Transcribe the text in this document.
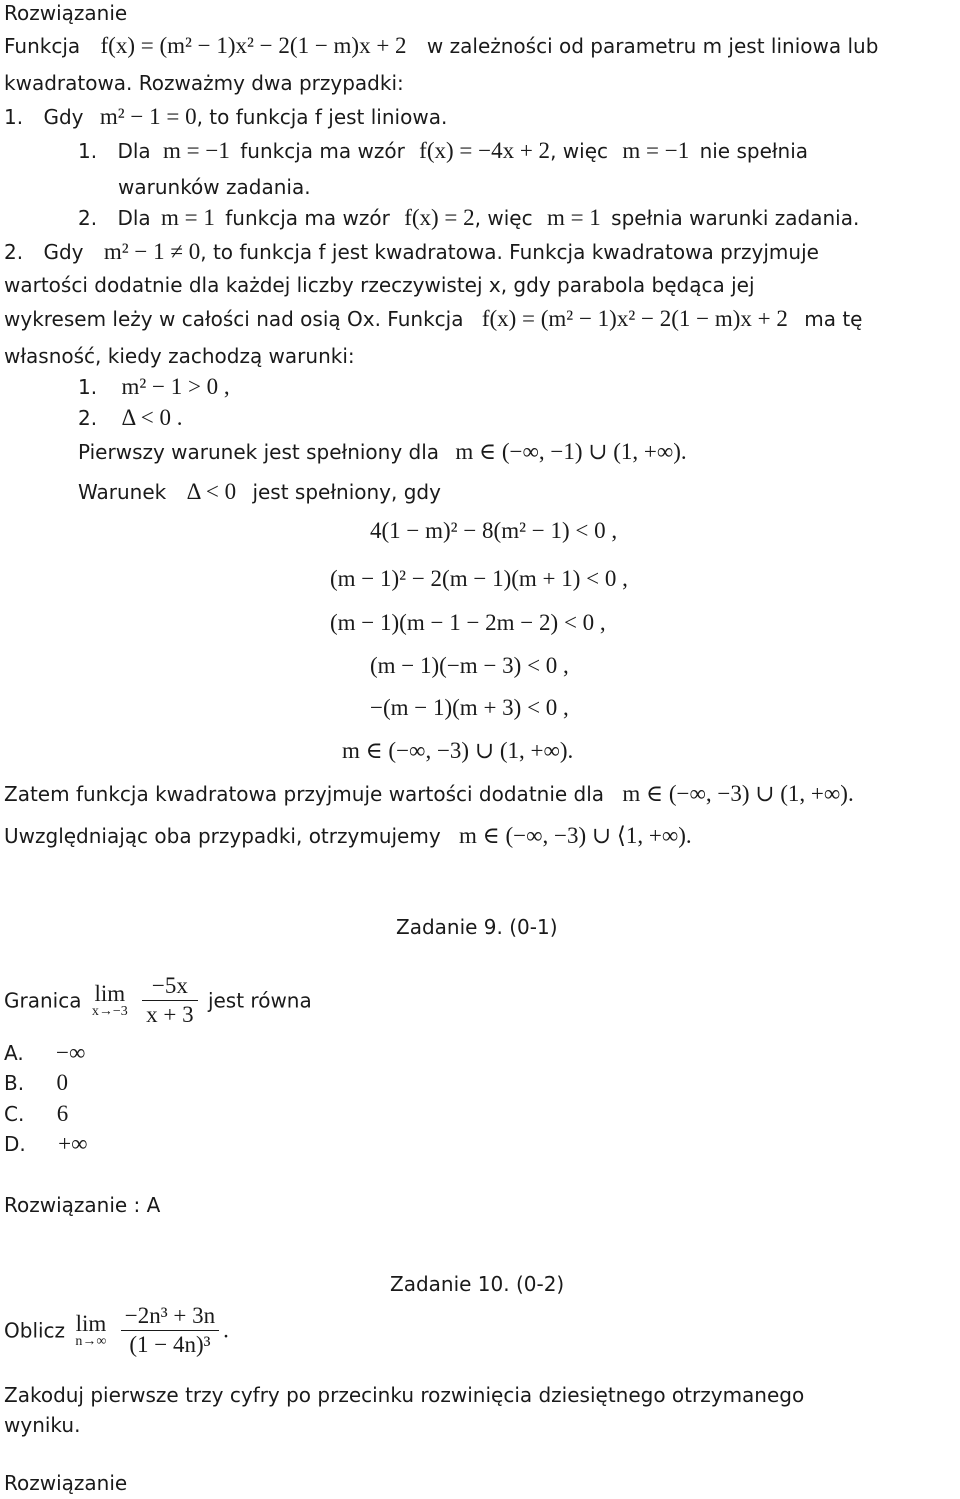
Rozwiązanie
Funkcja f(x) = (m² − 1)x² − 2(1 − m)x + 2 w zależności od parametru m jest liniowa lub
kwadratowa. Rozważmy dwa przypadki:
1. Gdy m² − 1 = 0, to funkcja f jest liniowa.
1. Dla m = −1 funkcja ma wzór f(x) = −4x + 2, więc m = −1 nie spełnia
warunków zadania.
2. Dla m = 1 funkcja ma wzór f(x) = 2, więc m = 1 spełnia warunki zadania.
2. Gdy m² − 1 ≠ 0, to funkcja f jest kwadratowa. Funkcja kwadratowa przyjmuje
wartości dodatnie dla każdej liczby rzeczywistej x, gdy parabola będąca jej
wykresem leży w całości nad osią Ox. Funkcja f(x) = (m² − 1)x² − 2(1 − m)x + 2 ma tę
własność, kiedy zachodzą warunki:
1. m² − 1 > 0 ,
2. Δ < 0 .
Pierwszy warunek jest spełniony dla m ∈ (−∞, −1) ∪ (1, +∞).
Warunek Δ < 0 jest spełniony, gdy
4(1 − m)² − 8(m² − 1) < 0 ,
(m − 1)² − 2(m − 1)(m + 1) < 0 ,
(m − 1)(m − 1 − 2m − 2) < 0 ,
(m − 1)(−m − 3) < 0 ,
−(m − 1)(m + 3) < 0 ,
m ∈ (−∞, −3) ∪ (1, +∞).
Zatem funkcja kwadratowa przyjmuje wartości dodatnie dla m ∈ (−∞, −3) ∪ (1, +∞).
Uwzględniając oba przypadki, otrzymujemy m ∈ (−∞, −3) ∪ ⟨1, +∞).
Zadanie 9. (0-1)
Granica lim
x→−3
$\frac{-5x}{x + 3}$ jest równa
A. −∞
B. 0
C. 6
D. +∞
Rozwiązanie : A
Zadanie 10. (0-2)
Oblicz lim
n→∞
$\frac{\text{−2n³ + 3n}}{\text{(1 − 4n)³}}$ .
Zakoduj pierwsze trzy cyfry po przecinku rozwinięcia dziesiętnego otrzymanego
wyniku.
Rozwiązanie
